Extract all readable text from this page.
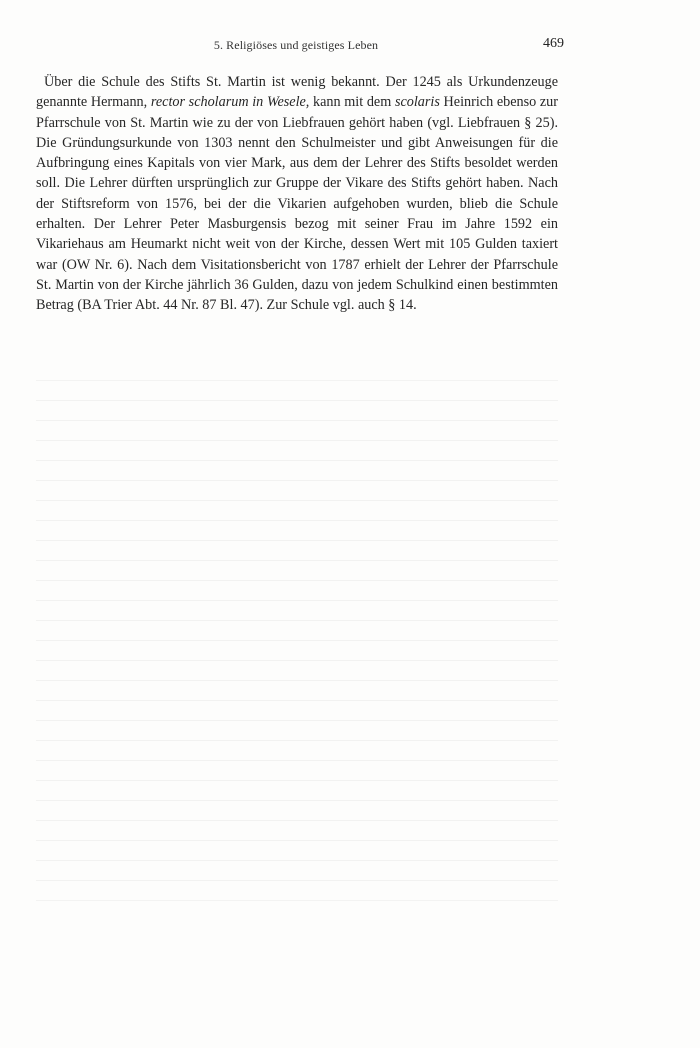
5. Religiöses und geistiges Leben	469

Über die Schule des Stifts St. Martin ist wenig bekannt. Der 1245 als Urkundenzeuge genannte Hermann, rector scholarum in Wesele, kann mit dem scolaris Heinrich ebenso zur Pfarrschule von St. Martin wie zu der von Liebfrauen gehört haben (vgl. Liebfrauen § 25). Die Gründungsurkunde von 1303 nennt den Schulmeister und gibt Anweisungen für die Aufbringung eines Kapitals von vier Mark, aus dem der Lehrer des Stifts besoldet werden soll. Die Lehrer dürften ursprünglich zur Gruppe der Vikare des Stifts gehört haben. Nach der Stiftsreform von 1576, bei der die Vikarien aufgehoben wurden, blieb die Schule erhalten. Der Lehrer Peter Masburgensis bezog mit seiner Frau im Jahre 1592 ein Vikariehaus am Heumarkt nicht weit von der Kirche, dessen Wert mit 105 Gulden taxiert war (OW Nr. 6). Nach dem Visitationsbericht von 1787 erhielt der Lehrer der Pfarrschule St. Martin von der Kirche jährlich 36 Gulden, dazu von jedem Schulkind einen bestimmten Betrag (BA Trier Abt. 44 Nr. 87 Bl. 47). Zur Schule vgl. auch § 14.
